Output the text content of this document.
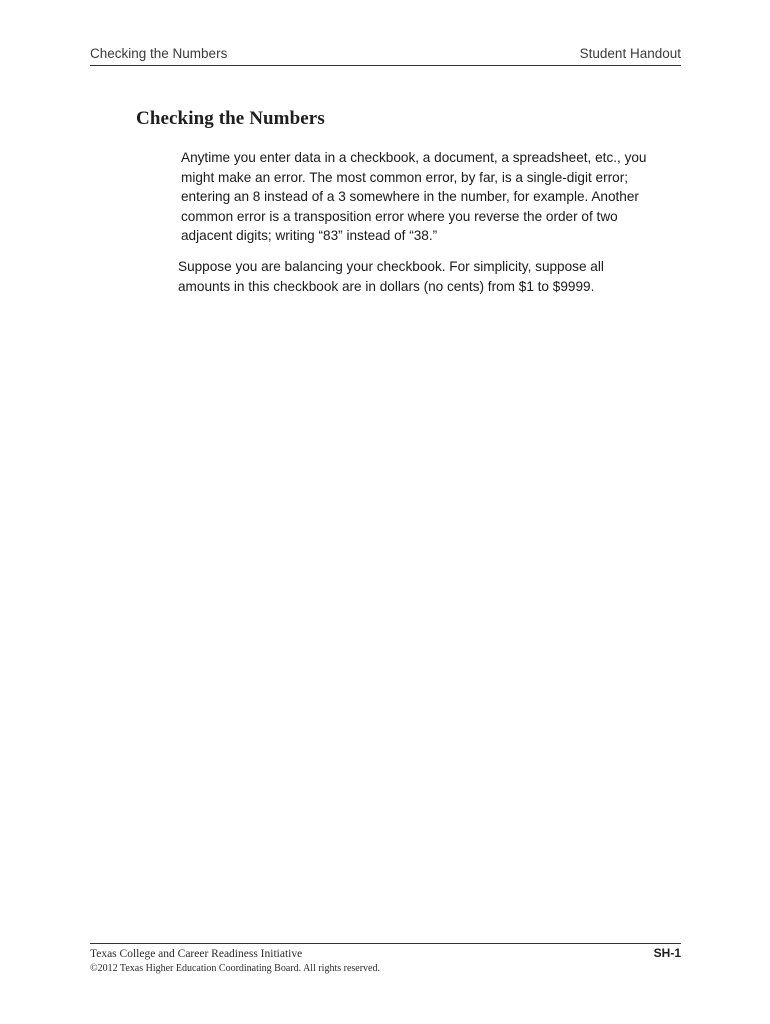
Checking the Numbers	Student Handout
Checking the Numbers
Anytime you enter data in a checkbook, a document, a spreadsheet, etc., you
might make an error. The most common error, by far, is a single-digit error;
entering an 8 instead of a 3 somewhere in the number, for example. Another
common error is a transposition error where you reverse the order of two
adjacent digits; writing “83” instead of “38.”
Suppose you are balancing your checkbook. For simplicity, suppose all
amounts in this checkbook are in dollars (no cents) from $1 to $9999.
Texas College and Career Readiness Initiative
©2012 Texas Higher Education Coordinating Board. All rights reserved.
SH-1
